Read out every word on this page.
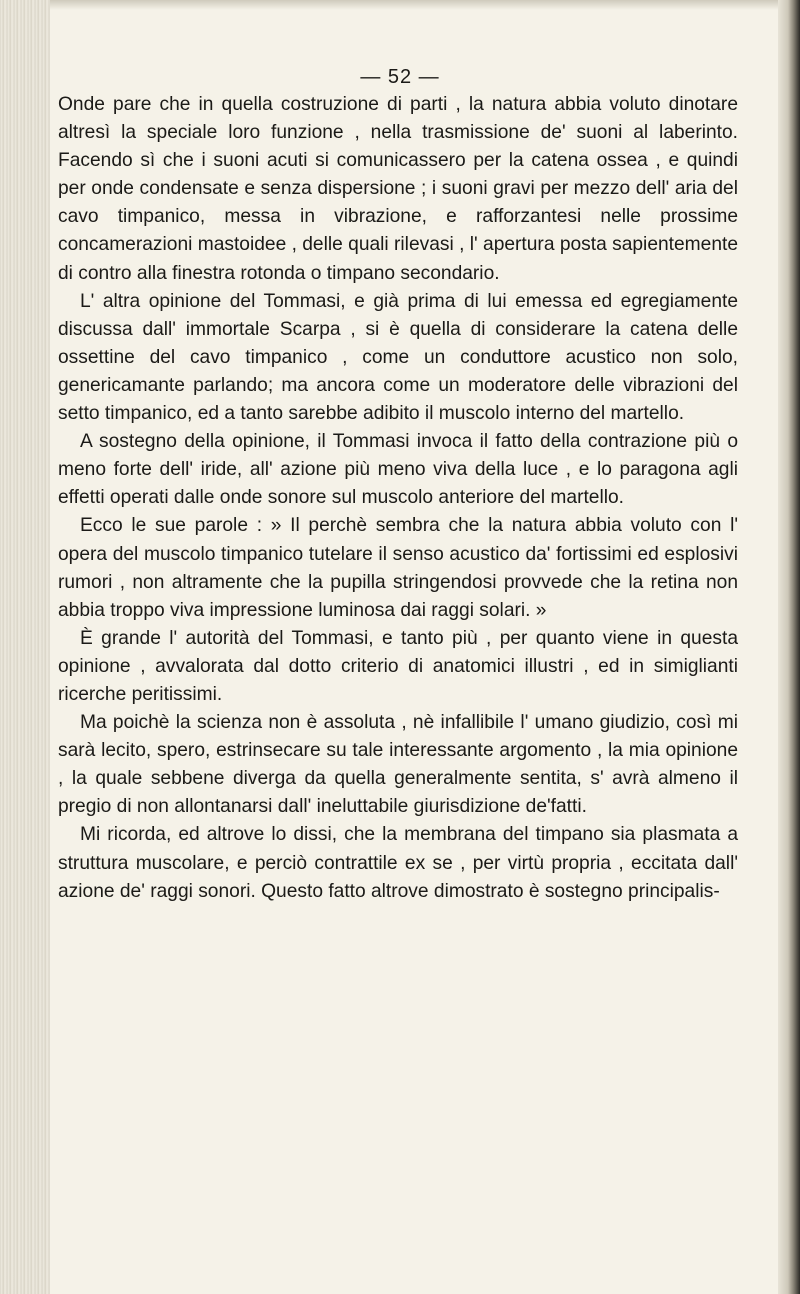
— 52 —

Onde pare che in quella costruzione di parti , la natura abbia voluto dinotare altresì la speciale loro funzione , nella trasmissione de' suoni al laberinto. Facendo sì che i suoni acuti si comunicassero per la catena ossea , e quindi per onde condensate e senza dispersione ; i suoni gravi per mezzo dell' aria del cavo timpanico, messa in vibrazione, e rafforzantesi nelle prossime concamerazioni mastoidee , delle quali rilevasi , l' apertura posta sapientemente di contro alla finestra rotonda o timpano secondario.

L' altra opinione del Tommasi, e già prima di lui emessa ed egregiamente discussa dall' immortale Scarpa , si è quella di considerare la catena delle ossettine del cavo timpanico , come un conduttore acustico non solo, genericamante parlando; ma ancora come un moderatore delle vibrazioni del setto timpanico, ed a tanto sarebbe adibito il muscolo interno del martello.

A sostegno della opinione, il Tommasi invoca il fatto della contrazione più o meno forte dell' iride, all' azione più meno viva della luce , e lo paragona agli effetti operati dalle onde sonore sul muscolo anteriore del martello.

Ecco le sue parole : » Il perchè sembra che la natura abbia voluto con l' opera del muscolo timpanico tutelare il senso acustico da' fortissimi ed esplosivi rumori , non altramente che la pupilla stringendosi provvede che la retina non abbia troppo viva impressione luminosa dai raggi solari. »

È grande l' autorità del Tommasi, e tanto più , per quanto viene in questa opinione , avvalorata dal dotto criterio di anatomici illustri , ed in simiglianti ricerche peritissimi.

Ma poichè la scienza non è assoluta , nè infallibile l' umano giudizio, così mi sarà lecito, spero, estrinsecare su tale interessante argomento , la mia opinione , la quale sebbene diverga da quella generalmente sentita, s' avrà almeno il pregio di non allontanarsi dall' ineluttabile giurisdizione de'fatti.

Mi ricorda, ed altrove lo dissi, che la membrana del timpano sia plasmata a struttura muscolare, e perciò contrattile ex se , per virtù propria , eccitata dall' azione de' raggi sonori. Questo fatto altrove dimostrato è sostegno principalis-
